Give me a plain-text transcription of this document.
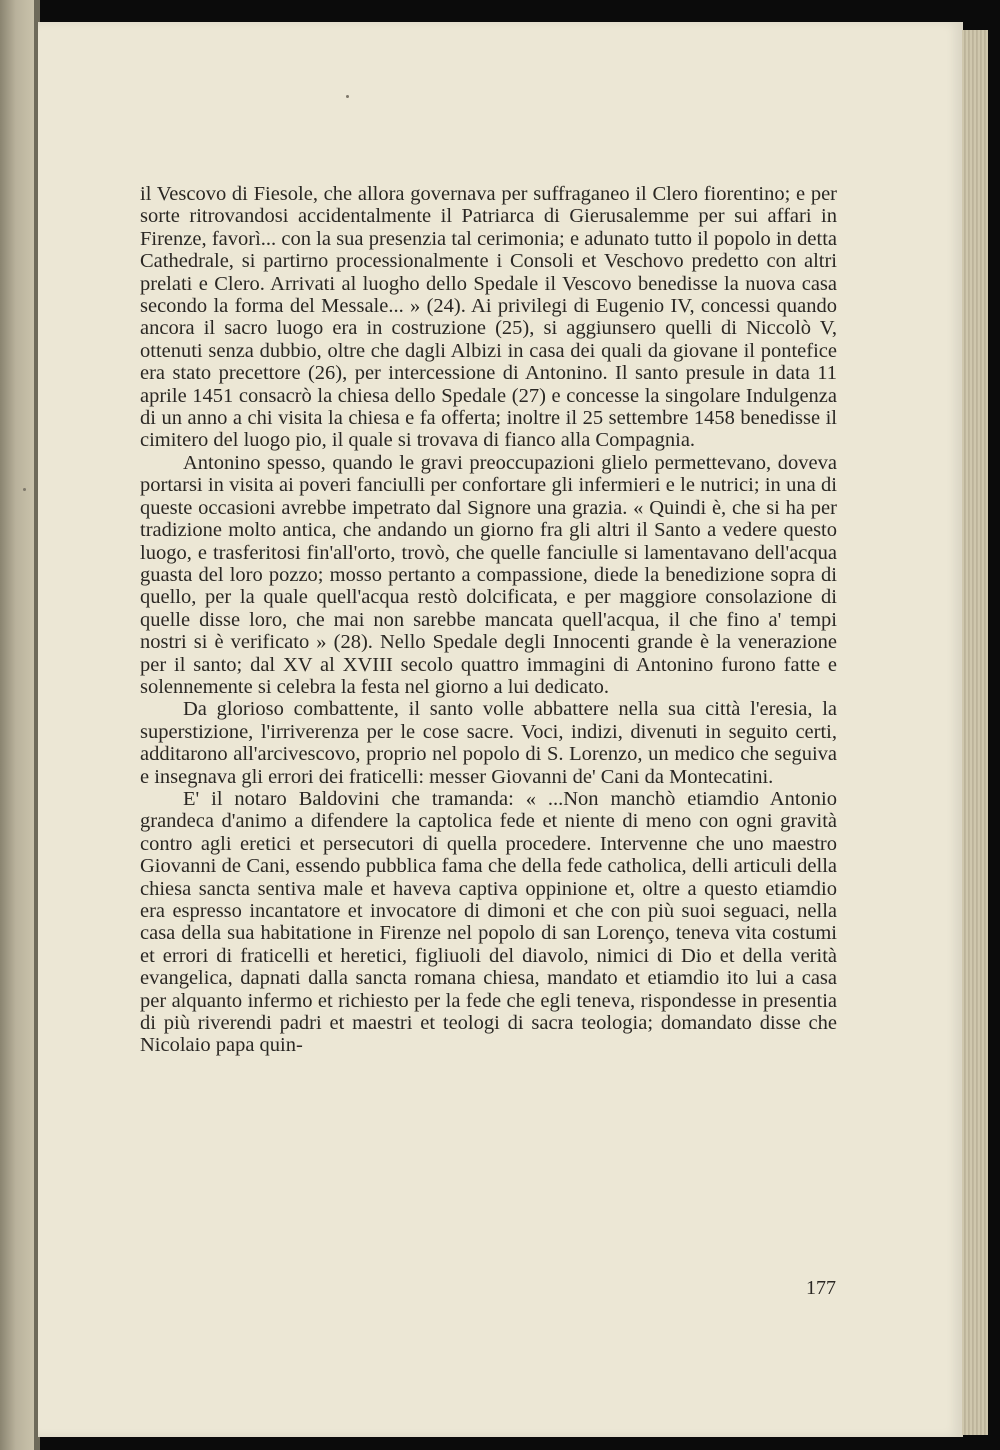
il Vescovo di Fiesole, che allora governava per suffraganeo il Clero fiorentino; e per sorte ritrovandosi accidentalmente il Patriarca di Gierusalemme per sui affari in Firenze, favorì... con la sua presenzia tal cerimonia; e adunato tutto il popolo in detta Cathedrale, si partirno processionalmente i Consoli et Veschovo predetto con altri prelati e Clero. Arrivati al luogho dello Spedale il Vescovo benedisse la nuova casa secondo la forma del Messale... » (24). Ai privilegi di Eugenio IV, concessi quando ancora il sacro luogo era in costruzione (25), si aggiunsero quelli di Niccolò V, ottenuti senza dubbio, oltre che dagli Albizi in casa dei quali da giovane il pontefice era stato precettore (26), per intercessione di Antonino. Il santo presule in data 11 aprile 1451 consacrò la chiesa dello Spedale (27) e concesse la singolare Indulgenza di un anno a chi visita la chiesa e fa offerta; inoltre il 25 settembre 1458 benedisse il cimitero del luogo pio, il quale si trovava di fianco alla Compagnia.

Antonino spesso, quando le gravi preoccupazioni glielo permettevano, doveva portarsi in visita ai poveri fanciulli per confortare gli infermieri e le nutrici; in una di queste occasioni avrebbe impetrato dal Signore una grazia. « Quindi è, che si ha per tradizione molto antica, che andando un giorno fra gli altri il Santo a vedere questo luogo, e trasferitosi fin'all'orto, trovò, che quelle fanciulle si lamentavano dell'acqua guasta del loro pozzo; mosso pertanto a compassione, diede la benedizione sopra di quello, per la quale quell'acqua restò dolcificata, e per maggiore consolazione di quelle disse loro, che mai non sarebbe mancata quell'acqua, il che fino a' tempi nostri si è verificato » (28). Nello Spedale degli Innocenti grande è la venerazione per il santo; dal XV al XVIII secolo quattro immagini di Antonino furono fatte e solennemente si celebra la festa nel giorno a lui dedicato.

Da glorioso combattente, il santo volle abbattere nella sua città l'eresia, la superstizione, l'irriverenza per le cose sacre. Voci, indizi, divenuti in seguito certi, additarono all'arcivescovo, proprio nel popolo di S. Lorenzo, un medico che seguiva e insegnava gli errori dei fraticelli: messer Giovanni de' Cani da Montecatini.

E' il notaro Baldovini che tramanda: « ...Non manchò etiamdio Antonio grandeca d'animo a difendere la captolica fede et niente di meno con ogni gravità contro agli eretici et persecutori di quella procedere. Intervenne che uno maestro Giovanni de Cani, essendo pubblica fama che della fede catholica, delli articuli della chiesa sancta sentiva male et haveva captiva oppinione et, oltre a questo etiamdio era espresso incantatore et invocatore di dimoni et che con più suoi seguaci, nella casa della sua habitatione in Firenze nel popolo di san Lorenço, teneva vita costumi et errori di fraticelli et heretici, figliuoli del diavolo, nimici di Dio et della verità evangelica, dapnati dalla sancta romana chiesa, mandato et etiamdio ito lui a casa per alquanto infermo et richiesto per la fede che egli teneva, rispondesse in presentia di più riverendi padri et maestri et teologi di sacra teologia; domandato disse che Nicolaio papa quin-

177
